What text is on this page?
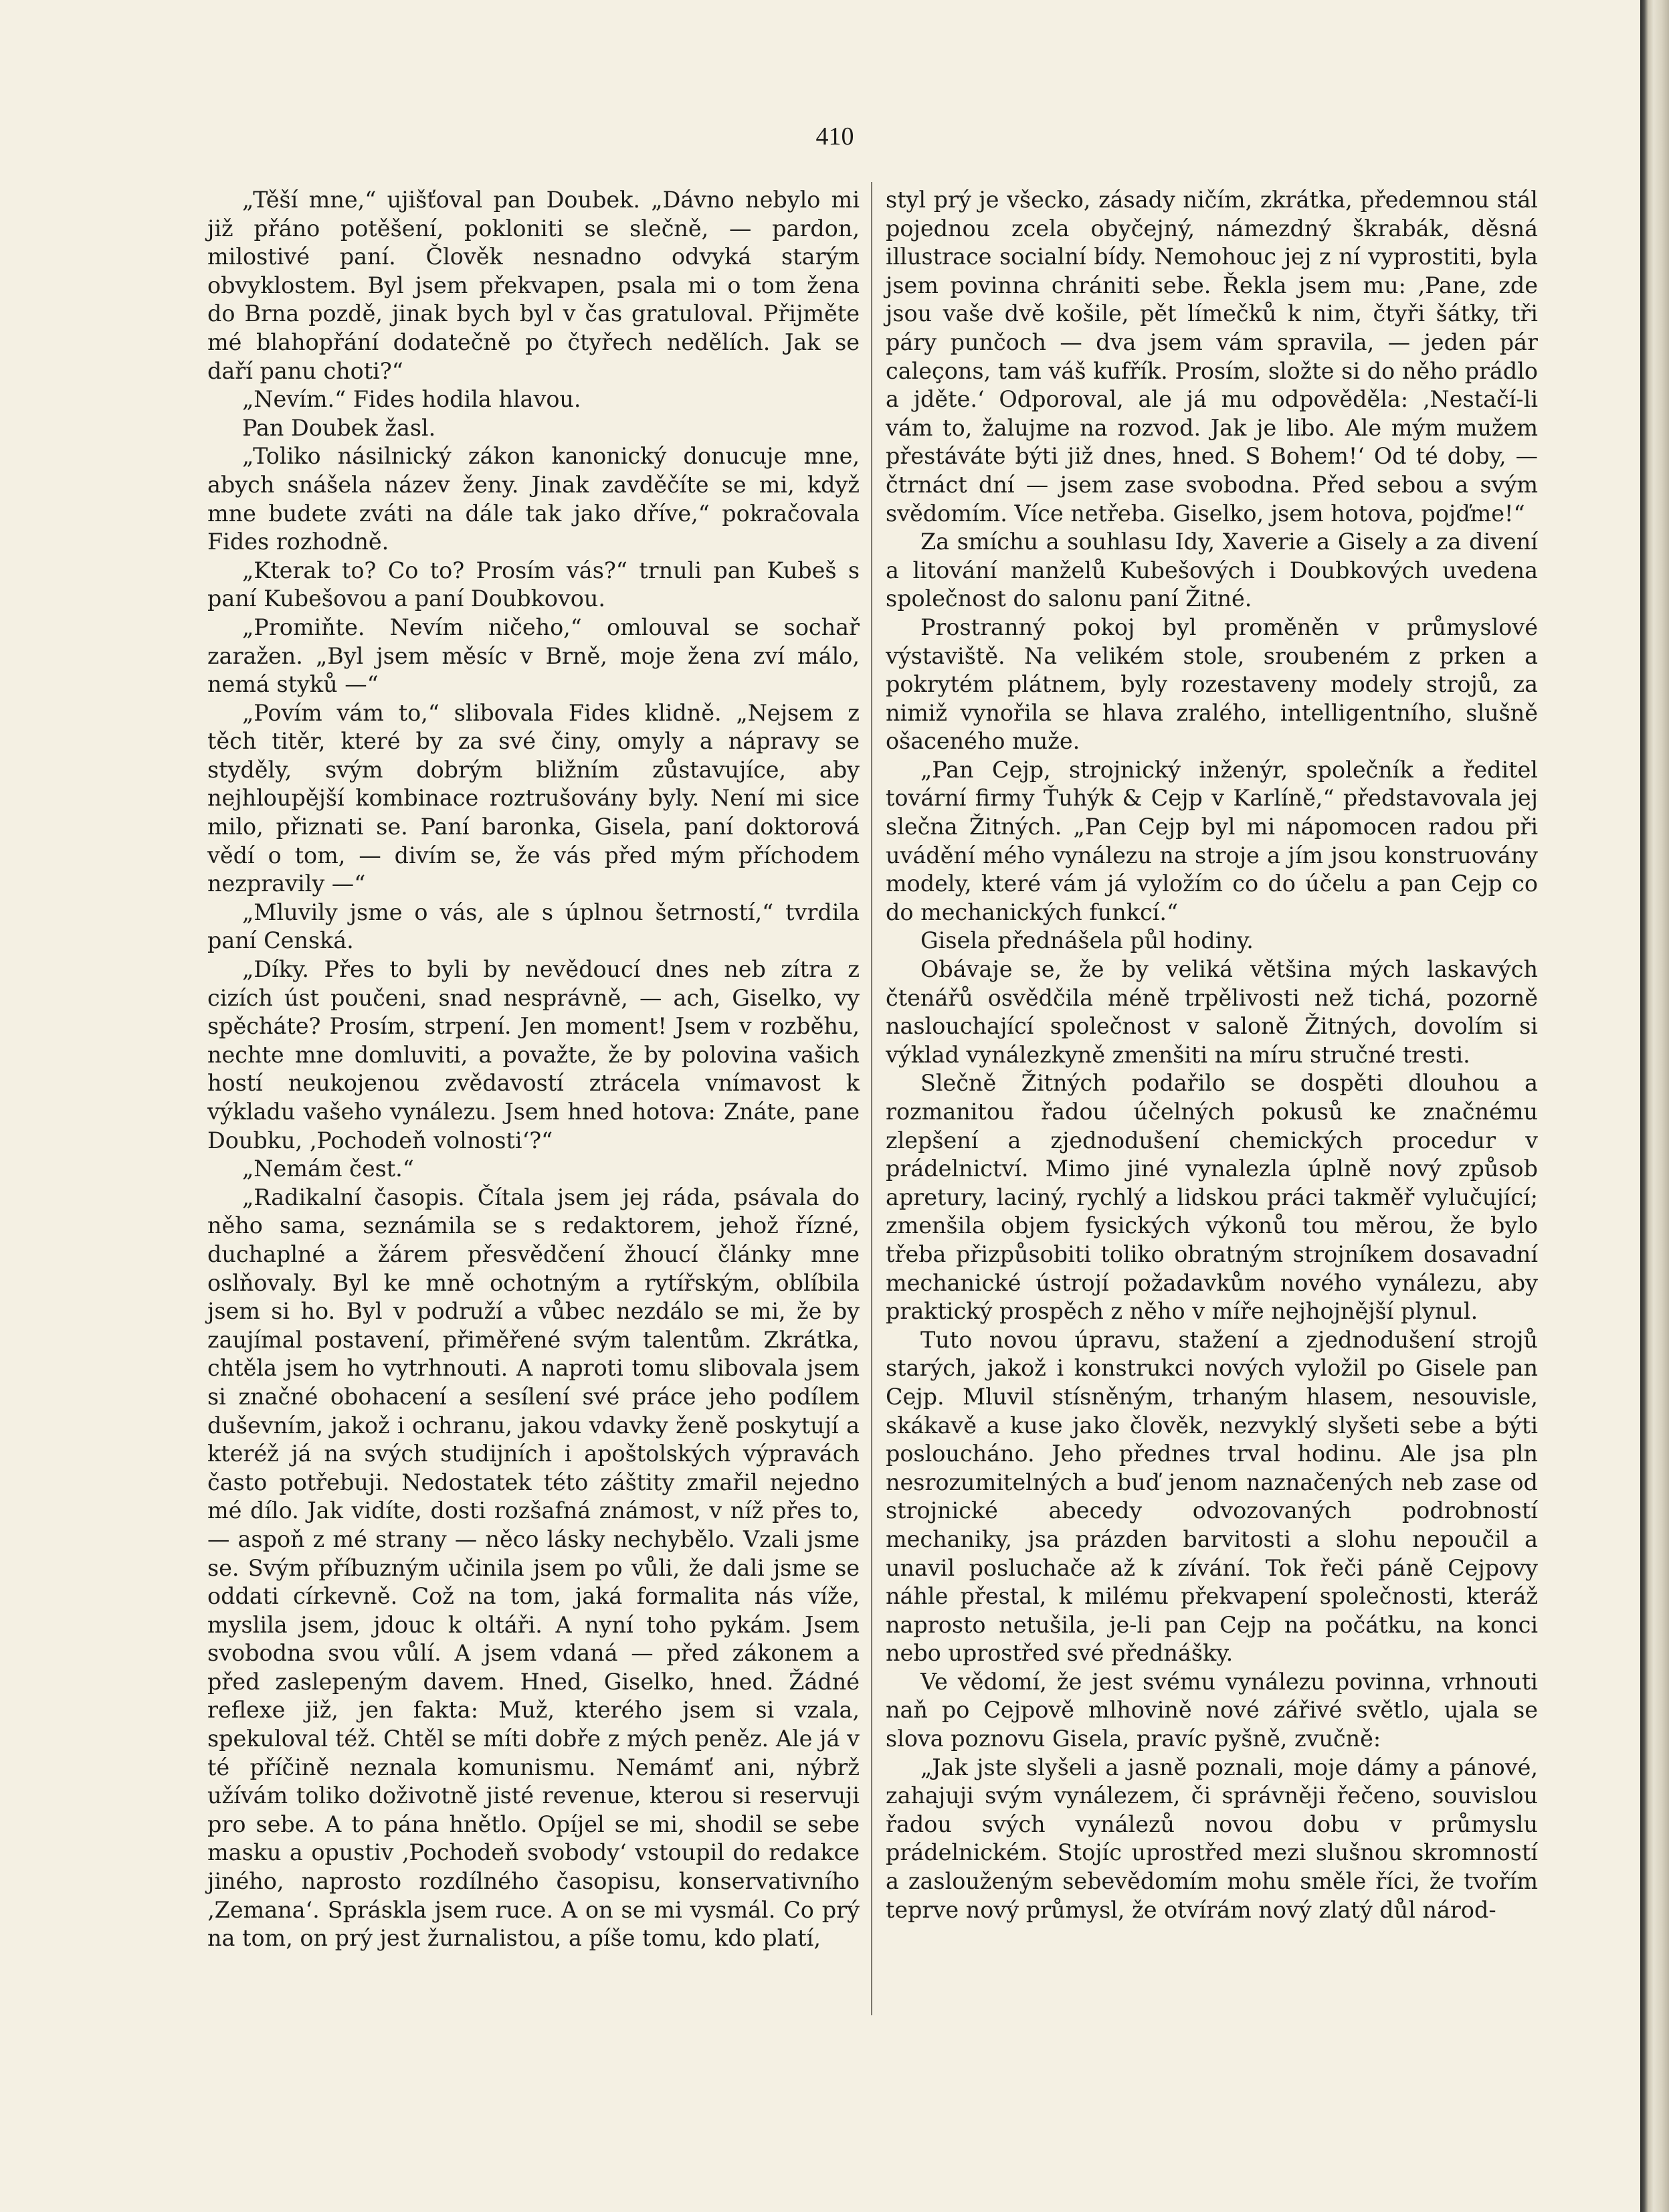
410

„Těší mne,“ ujišťoval pan Doubek. „Dávno nebylo mi již přáno potěšení, pokloniti se slečně, — pardon, milostivé paní. Člověk nesnadno odvyká starým obvyklostem. Byl jsem překvapen, psala mi o tom žena do Brna pozdě, jinak bych byl v čas gratuloval. Přijměte mé blahopřání dodatečně po čtyřech nedělích. Jak se daří panu choti?“

„Nevím.“ Fides hodila hlavou.

Pan Doubek žasl.

„Toliko násilnický zákon kanonický donucuje mne, abych snášela název ženy. Jinak zavděčíte se mi, když mne budete zváti na dále tak jako dříve,“ pokračovala Fides rozhodně.

„Kterak to? Co to? Prosím vás?“ trnuli pan Kubeš s paní Kubešovou a paní Doubkovou.

„Promiňte. Nevím ničeho,“ omlouval se sochař zaražen. „Byl jsem měsíc v Brně, moje žena zví málo, nemá styků —“

„Povím vám to,“ slibovala Fides klidně. „Nejsem z těch titěr, které by za své činy, omyly a nápravy se styděly, svým dobrým bližním zůstavujíce, aby nejhloupější kombinace roztrušovány byly. Není mi sice milo, přiznati se. Paní baronka, Gisela, paní doktorová vědí o tom, — divím se, že vás před mým příchodem nezpravily —“

„Mluvily jsme o vás, ale s úplnou šetrností,“ tvrdila paní Censká.

„Díky. Přes to byli by nevědoucí dnes neb zítra z cizích úst poučeni, snad nesprávně, — ach, Giselko, vy spěcháte? Prosím, strpení. Jen moment! Jsem v rozběhu, nechte mne domluviti, a považte, že by polovina vašich hostí neukojenou zvědavostí ztrácela vnímavost k výkladu vašeho vynálezu. Jsem hned hotova: Znáte, pane Doubku, ‚Pochodeň volnosti‘?“

„Nemám čest.“

„Radikalní časopis. Čítala jsem jej ráda, psávala do něho sama, seznámila se s redaktorem, jehož řízné, duchaplné a žárem přesvědčení žhoucí články mne oslňovaly. Byl ke mně ochotným a rytířským, oblíbila jsem si ho. Byl v podruží a vůbec nezdálo se mi, že by zaujímal postavení, přiměřené svým talentům. Zkrátka, chtěla jsem ho vytrhnouti. A naproti tomu slibovala jsem si značné obohacení a sesílení své práce jeho podílem duševním, jakož i ochranu, jakou vdavky ženě poskytují a kteréž já na svých studijních i apoštolských výpravách často potřebuji. Nedostatek této záštity zmařil nejedno mé dílo. Jak vidíte, dosti rozšafná známost, v níž přes to, — aspoň z mé strany — něco lásky nechybělo. Vzali jsme se. Svým příbuzným učinila jsem po vůli, že dali jsme se oddati církevně. Což na tom, jaká formalita nás víže, myslila jsem, jdouc k oltáři. A nyní toho pykám. Jsem svobodna svou vůlí. A jsem vdaná — před zákonem a před zaslepeným davem. Hned, Giselko, hned. Žádné reflexe již, jen fakta: Muž, kterého jsem si vzala, spekuloval též. Chtěl se míti dobře z mých peněz. Ale já v té příčině neznala komunismu. Nemámť ani, nýbrž užívám toliko doživotně jisté revenue, kterou si reservuji pro sebe. A to pána hnětlo. Opíjel se mi, shodil se sebe masku a opustiv ‚Pochodeň svobody‘ vstoupil do redakce jiného, naprosto rozdílného časopisu, konservativního ‚Zemana‘. Spráskla jsem ruce. A on se mi vysmál. Co prý na tom, on prý jest žurnalistou, a píše tomu, kdo platí,

styl prý je všecko, zásady ničím, zkrátka, předemnou stál pojednou zcela obyčejný, námezdný škrabák, děsná illustrace socialní bídy. Nemohouc jej z ní vyprostiti, byla jsem povinna chrániti sebe. Řekla jsem mu: ‚Pane, zde jsou vaše dvě košile, pět límečků k nim, čtyři šátky, tři páry punčoch — dva jsem vám spravila, — jeden pár caleçons, tam váš kufřík. Prosím, složte si do něho prádlo a jděte.‘ Odporoval, ale já mu odpověděla: ‚Nestačí-li vám to, žalujme na rozvod. Jak je libo. Ale mým mužem přestáváte býti již dnes, hned. S Bohem!‘ Od té doby, — čtrnáct dní — jsem zase svobodna. Před sebou a svým svědomím. Více netřeba. Giselko, jsem hotova, pojďme!“

Za smíchu a souhlasu Idy, Xaverie a Gisely a za divení a litování manželů Kubešových i Doubkových uvedena společnost do salonu paní Žitné.

Prostranný pokoj byl proměněn v průmyslové výstaviště. Na velikém stole, sroubeném z prken a pokrytém plátnem, byly rozestaveny modely strojů, za nimiž vynořila se hlava zralého, intelligentního, slušně ošaceného muže.

„Pan Cejp, strojnický inženýr, společník a ředitel tovární firmy Ťuhýk & Cejp v Karlíně,“ představovala jej slečna Žitných. „Pan Cejp byl mi nápomocen radou při uvádění mého vynálezu na stroje a jím jsou konstruovány modely, které vám já vyložím co do účelu a pan Cejp co do mechanických funkcí.“

Gisela přednášela půl hodiny.

Obávaje se, že by veliká většina mých laskavých čtenářů osvědčila méně trpělivosti než tichá, pozorně naslouchající společnost v saloně Žitných, dovolím si výklad vynálezkyně zmenšiti na míru stručné tresti.

Slečně Žitných podařilo se dospěti dlouhou a rozmanitou řadou účelných pokusů ke značnému zlepšení a zjednodušení chemických procedur v prádelnictví. Mimo jiné vynalezla úplně nový způsob apretury, laciný, rychlý a lidskou práci takměř vylučující; zmenšila objem fysických výkonů tou měrou, že bylo třeba přizpůsobiti toliko obratným strojníkem dosavadní mechanické ústrojí požadavkům nového vynálezu, aby praktický prospěch z něho v míře nejhojnější plynul.

Tuto novou úpravu, stažení a zjednodušení strojů starých, jakož i konstrukci nových vyložil po Gisele pan Cejp. Mluvil stísněným, trhaným hlasem, nesouvisle, skákavě a kuse jako člověk, nezvyklý slyšeti sebe a býti posloucháno. Jeho přednes trval hodinu. Ale jsa pln nesrozumitelných a buď jenom naznačených neb zase od strojnické abecedy odvozovaných podrobností mechaniky, jsa prázden barvitosti a slohu nepoučil a unavil posluchače až k zívání. Tok řeči páně Cejpovy náhle přestal, k milému překvapení společnosti, kteráž naprosto netušila, je-li pan Cejp na počátku, na konci nebo uprostřed své přednášky.

Ve vědomí, že jest svému vynálezu povinna, vrhnouti naň po Cejpově mlhovině nové zářivé světlo, ujala se slova poznovu Gisela, pravíc pyšně, zvučně:

„Jak jste slyšeli a jasně poznali, moje dámy a pánové, zahajuji svým vynálezem, či správněji řečeno, souvislou řadou svých vynálezů novou dobu v průmyslu prádelnickém. Stojíc uprostřed mezi slušnou skromností a zaslouženým sebevědomím mohu směle říci, že tvořím teprve nový průmysl, že otvírám nový zlatý důl národ-
